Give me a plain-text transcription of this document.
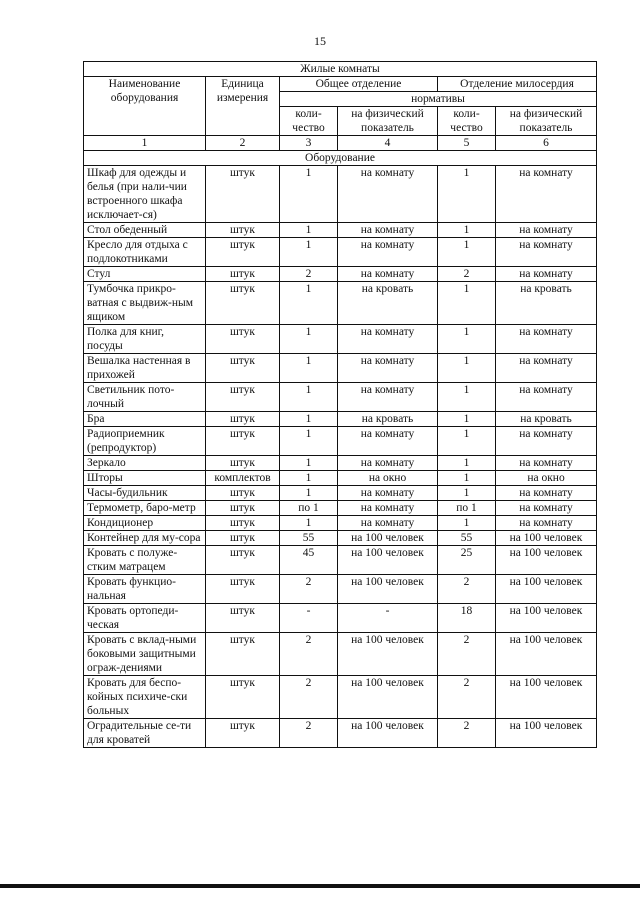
15
Жилые комнаты					
Наименование оборудования	Единица измерения	Общее отделение		Отделение милосердия	
		нормативы			
		коли-чество	на физический показатель	коли-чество	на физический показатель
1	2	3	4	5	6
Оборудование					
Шкаф для одежды и белья (при нали-чии встроенного шкафа исключает-ся)	штук	1	на комнату	1	на комнату
Стол обеденный	штук	1	на комнату	1	на комнату
Кресло для отдыха с подлокотниками	штук	1	на комнату	1	на комнату
Стул	штук	2	на комнату	2	на комнату
Тумбочка прикро-ватная с выдвиж-ным ящиком	штук	1	на кровать	1	на кровать
Полка для книг, посуды	штук	1	на комнату	1	на комнату
Вешалка настенная в прихожей	штук	1	на комнату	1	на комнату
Светильник пото-лочный	штук	1	на комнату	1	на комнату
Бра	штук	1	на кровать	1	на кровать
Радиоприемник (репродуктор)	штук	1	на комнату	1	на комнату
Зеркало	штук	1	на комнату	1	на комнату
Шторы	комплектов	1	на окно	1	на окно
Часы-будильник	штук	1	на комнату	1	на комнату
Термометр, баро-метр	штук	по 1	на комнату	по 1	на комнату
Кондиционер	штук	1	на комнату	1	на комнату
Контейнер для му-сора	штук	55	на 100 человек	55	на 100 человек
Кровать с полуже-стким матрацем	штук	45	на 100 человек	25	на 100 человек
Кровать функцио-нальная	штук	2	на 100 человек	2	на 100 человек
Кровать ортопеди-ческая	штук	-	-	18	на 100 человек
Кровать с вклад-ными боковыми защитными ограж-дениями	штук	2	на 100 человек	2	на 100 человек
Кровать для беспо-койных психиче-ски больных	штук	2	на 100 человек	2	на 100 человек
Оградительные се-ти для кроватей	штук	2	на 100 человек	2	на 100 человек
